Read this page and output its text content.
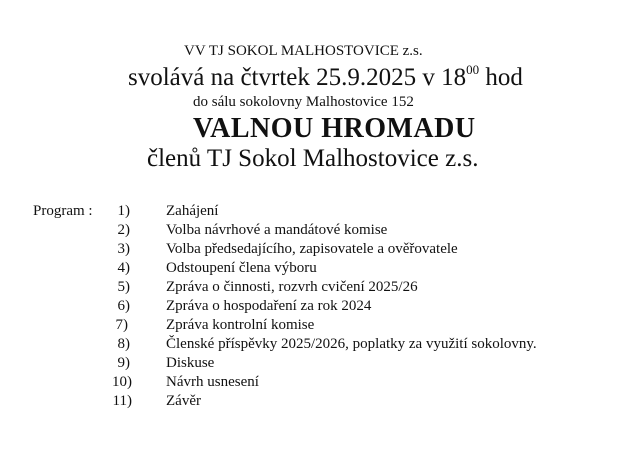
VV TJ SOKOL MALHOSTOVICE z.s.
svolává na čtvrtek 25.9.2025 v $18^{00}$ hod
do sálu sokolovny Malhostovice 152
VALNOU HROMADU
členů TJ Sokol Malhostovice z.s.
Program :	1) Zahájení
2) Volba návrhové a mandátové komise
3) Volba předsedajícího, zapisovatele a ověřovatele
4) Odstoupení člena výboru
5) Zpráva o činnosti, rozvrh cvičení 2025/26
6) Zpráva o hospodaření za rok 2024
7)	Zpráva kontrolní komise
8) Členské příspěvky 2025/2026, poplatky za využití sokolovny.
9) Diskuse
10) Návrh usnesení
11) Závěr
